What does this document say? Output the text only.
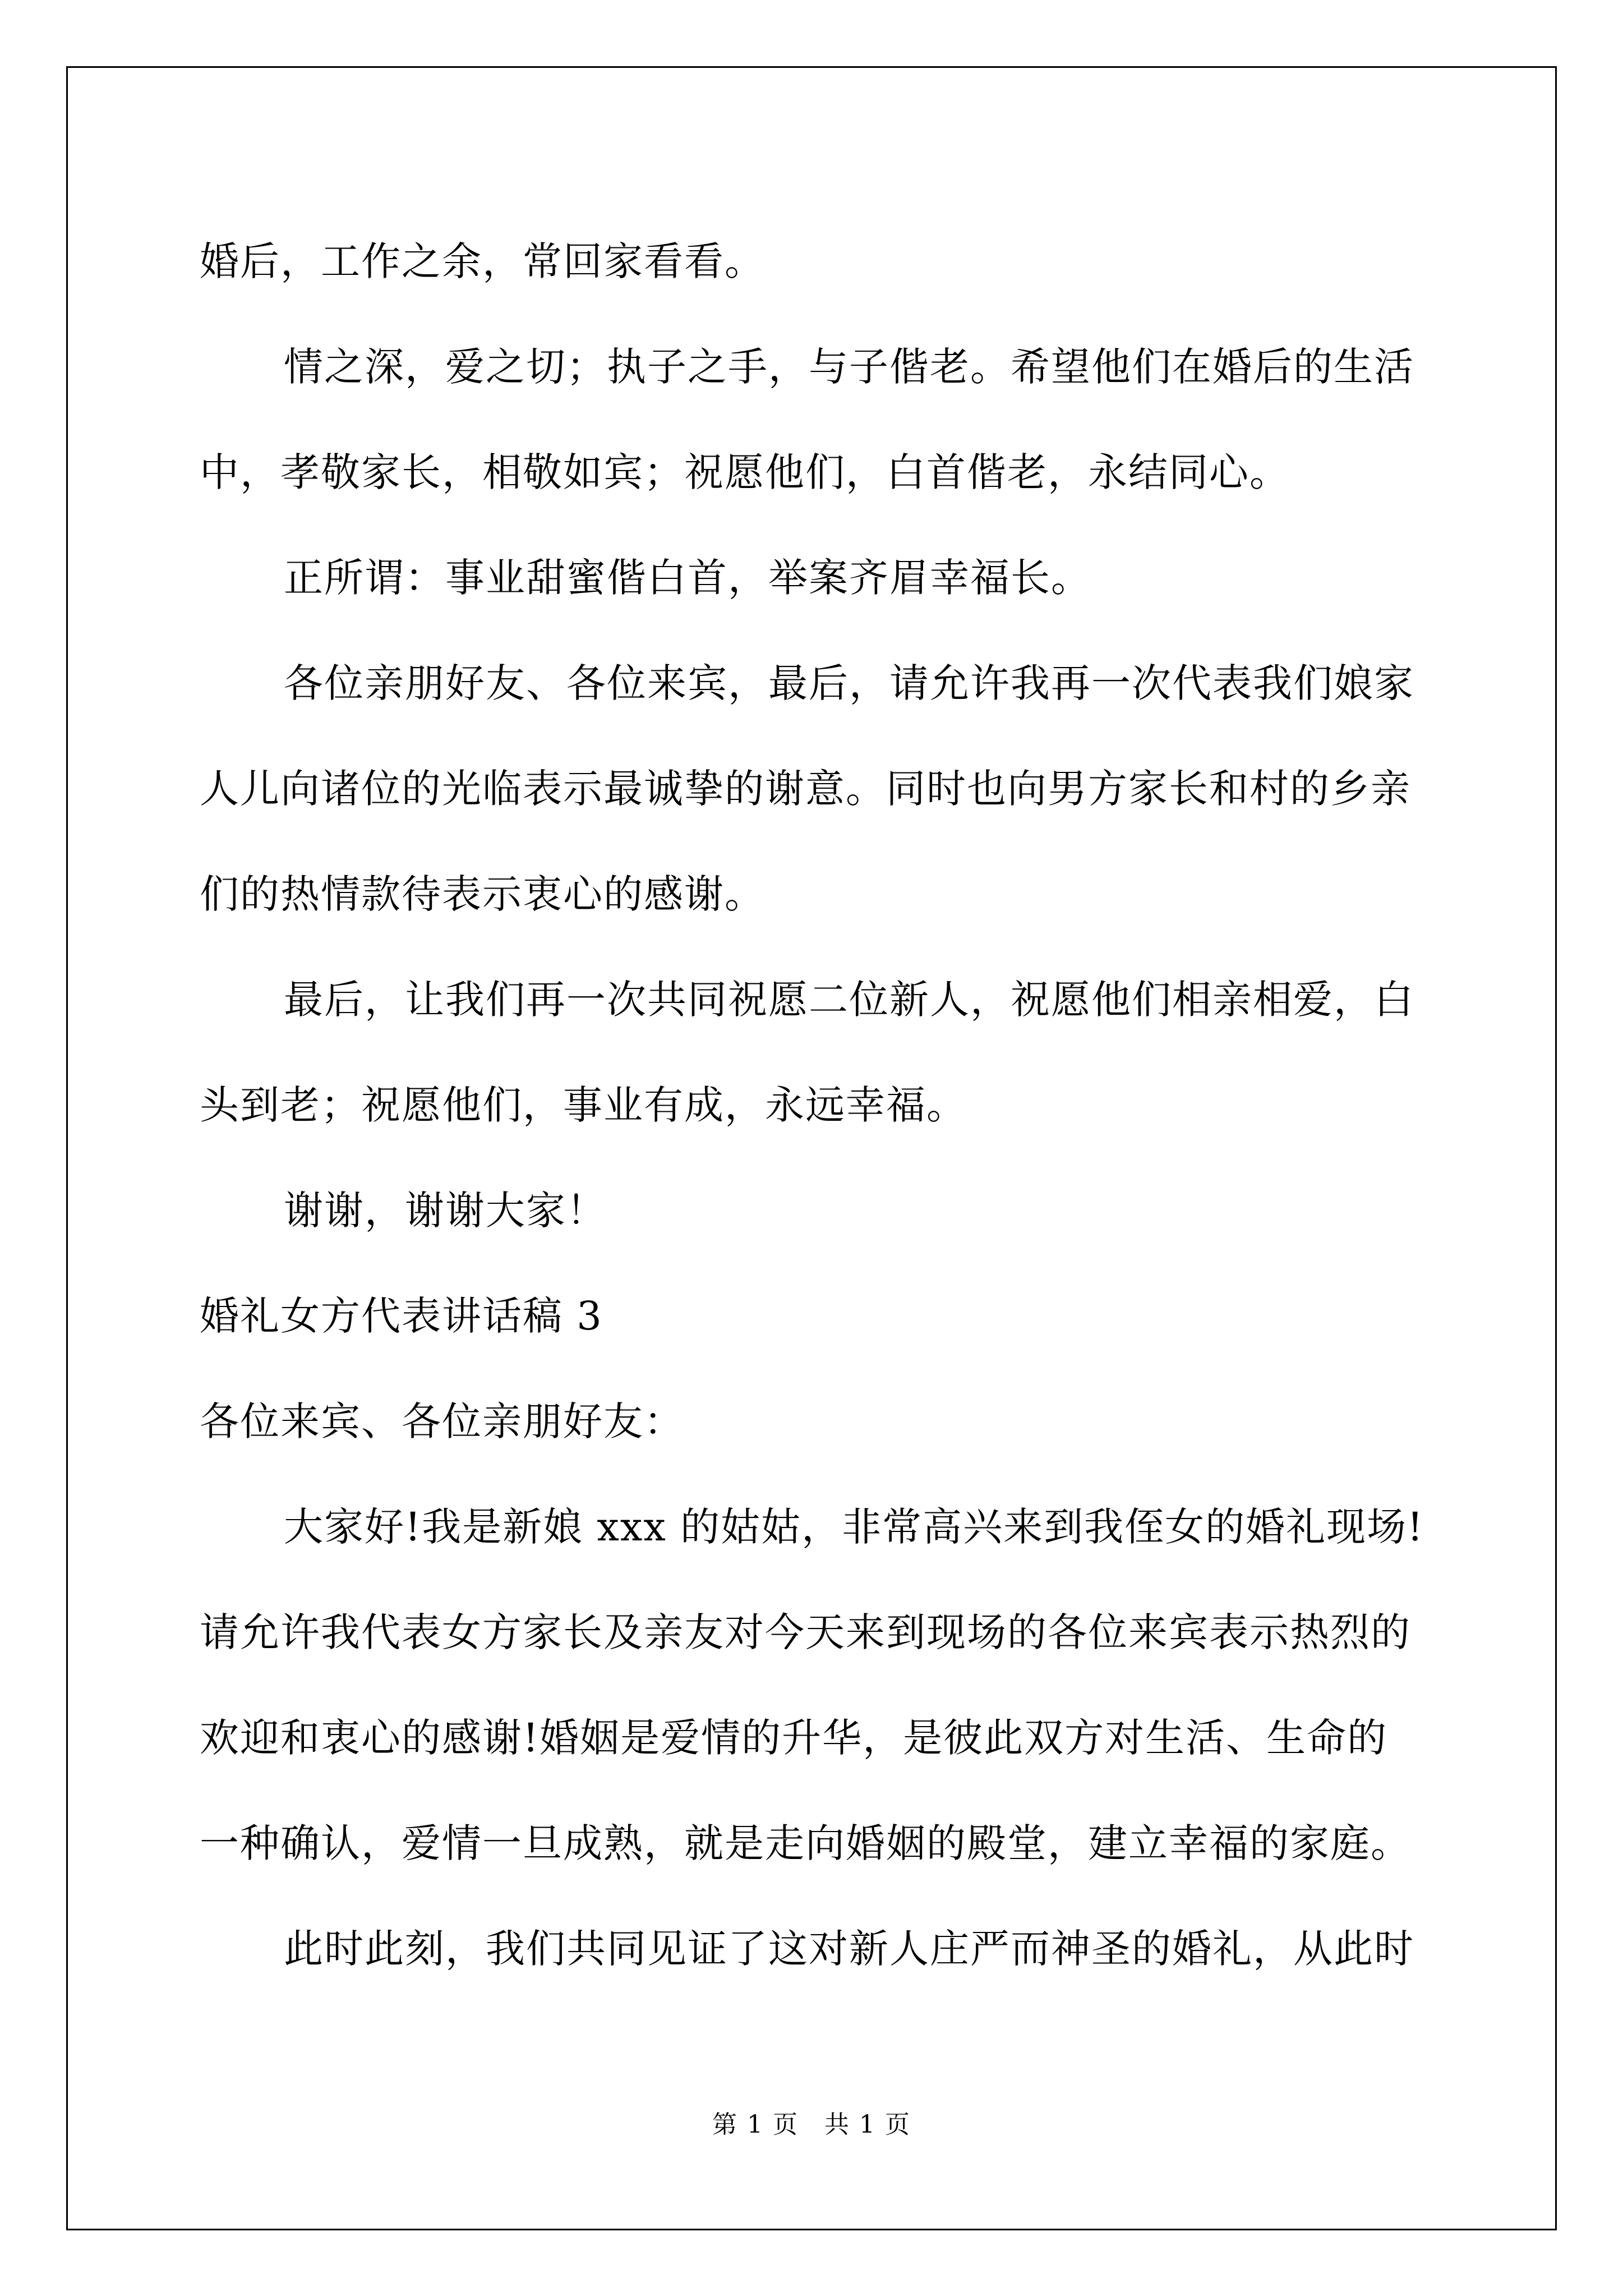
婚后，工作之余，常回家看看。

情之深，爱之切；执子之手，与子偕老。希望他们在婚后的生活中，孝敬家长，相敬如宾；祝愿他们，白首偕老，永结同心。

正所谓：事业甜蜜偕白首，举案齐眉幸福长。

各位亲朋好友、各位来宾，最后，请允许我再一次代表我们娘家人儿向诸位的光临表示最诚挚的谢意。同时也向男方家长和村的乡亲们的热情款待表示衷心的感谢。

最后，让我们再一次共同祝愿二位新人，祝愿他们相亲相爱，白头到老；祝愿他们，事业有成，永远幸福。

谢谢，谢谢大家！

婚礼女方代表讲话稿 3

各位来宾、各位亲朋好友：

大家好!我是新娘 xxx 的姑姑，非常高兴来到我侄女的婚礼现场!请允许我代表女方家长及亲友对今天来到现场的各位来宾表示热烈的欢迎和衷心的感谢!婚姻是爱情的升华，是彼此双方对生活、生命的一种确认，爱情一旦成熟，就是走向婚姻的殿堂，建立幸福的家庭。

此时此刻，我们共同见证了这对新人庄严而神圣的婚礼，从此时

第 1 页　共 1 页
